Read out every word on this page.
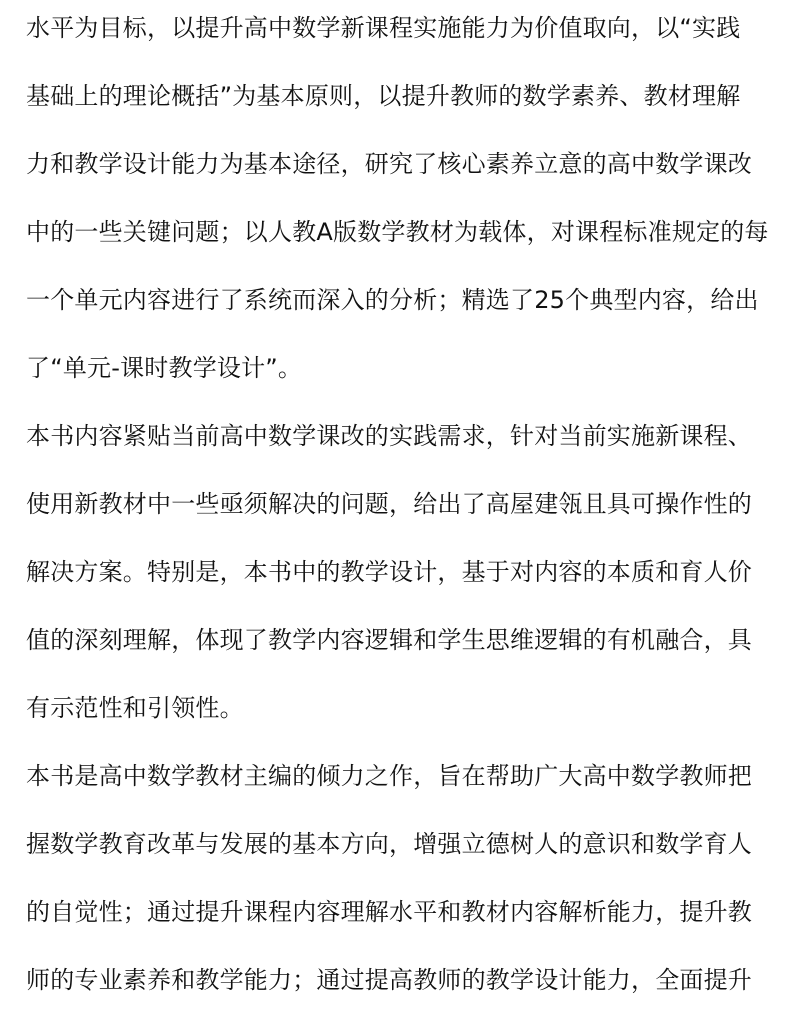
水平为目标，以提升高中数学新课程实施能力为价值取向，以“实践
基础上的理论概括”为基本原则，以提升教师的数学素养、教材理解
力和教学设计能力为基本途径，研究了核心素养立意的高中数学课改
中的一些关键问题；以人教A版数学教材为载体，对课程标准规定的每
一个单元内容进行了系统而深入的分析；精选了25个典型内容，给出
了“单元-课时教学设计”。
本书内容紧贴当前高中数学课改的实践需求，针对当前实施新课程、
使用新教材中一些亟须解决的问题，给出了高屋建瓴且具可操作性的
解决方案。特别是，本书中的教学设计，基于对内容的本质和育人价
值的深刻理解，体现了教学内容逻辑和学生思维逻辑的有机融合，具
有示范性和引领性。
本书是高中数学教材主编的倾力之作，旨在帮助广大高中数学教师把
握数学教育改革与发展的基本方向，增强立德树人的意识和数学育人
的自觉性；通过提升课程内容理解水平和教材内容解析能力，提升教
师的专业素养和教学能力；通过提高教师的教学设计能力，全面提升
